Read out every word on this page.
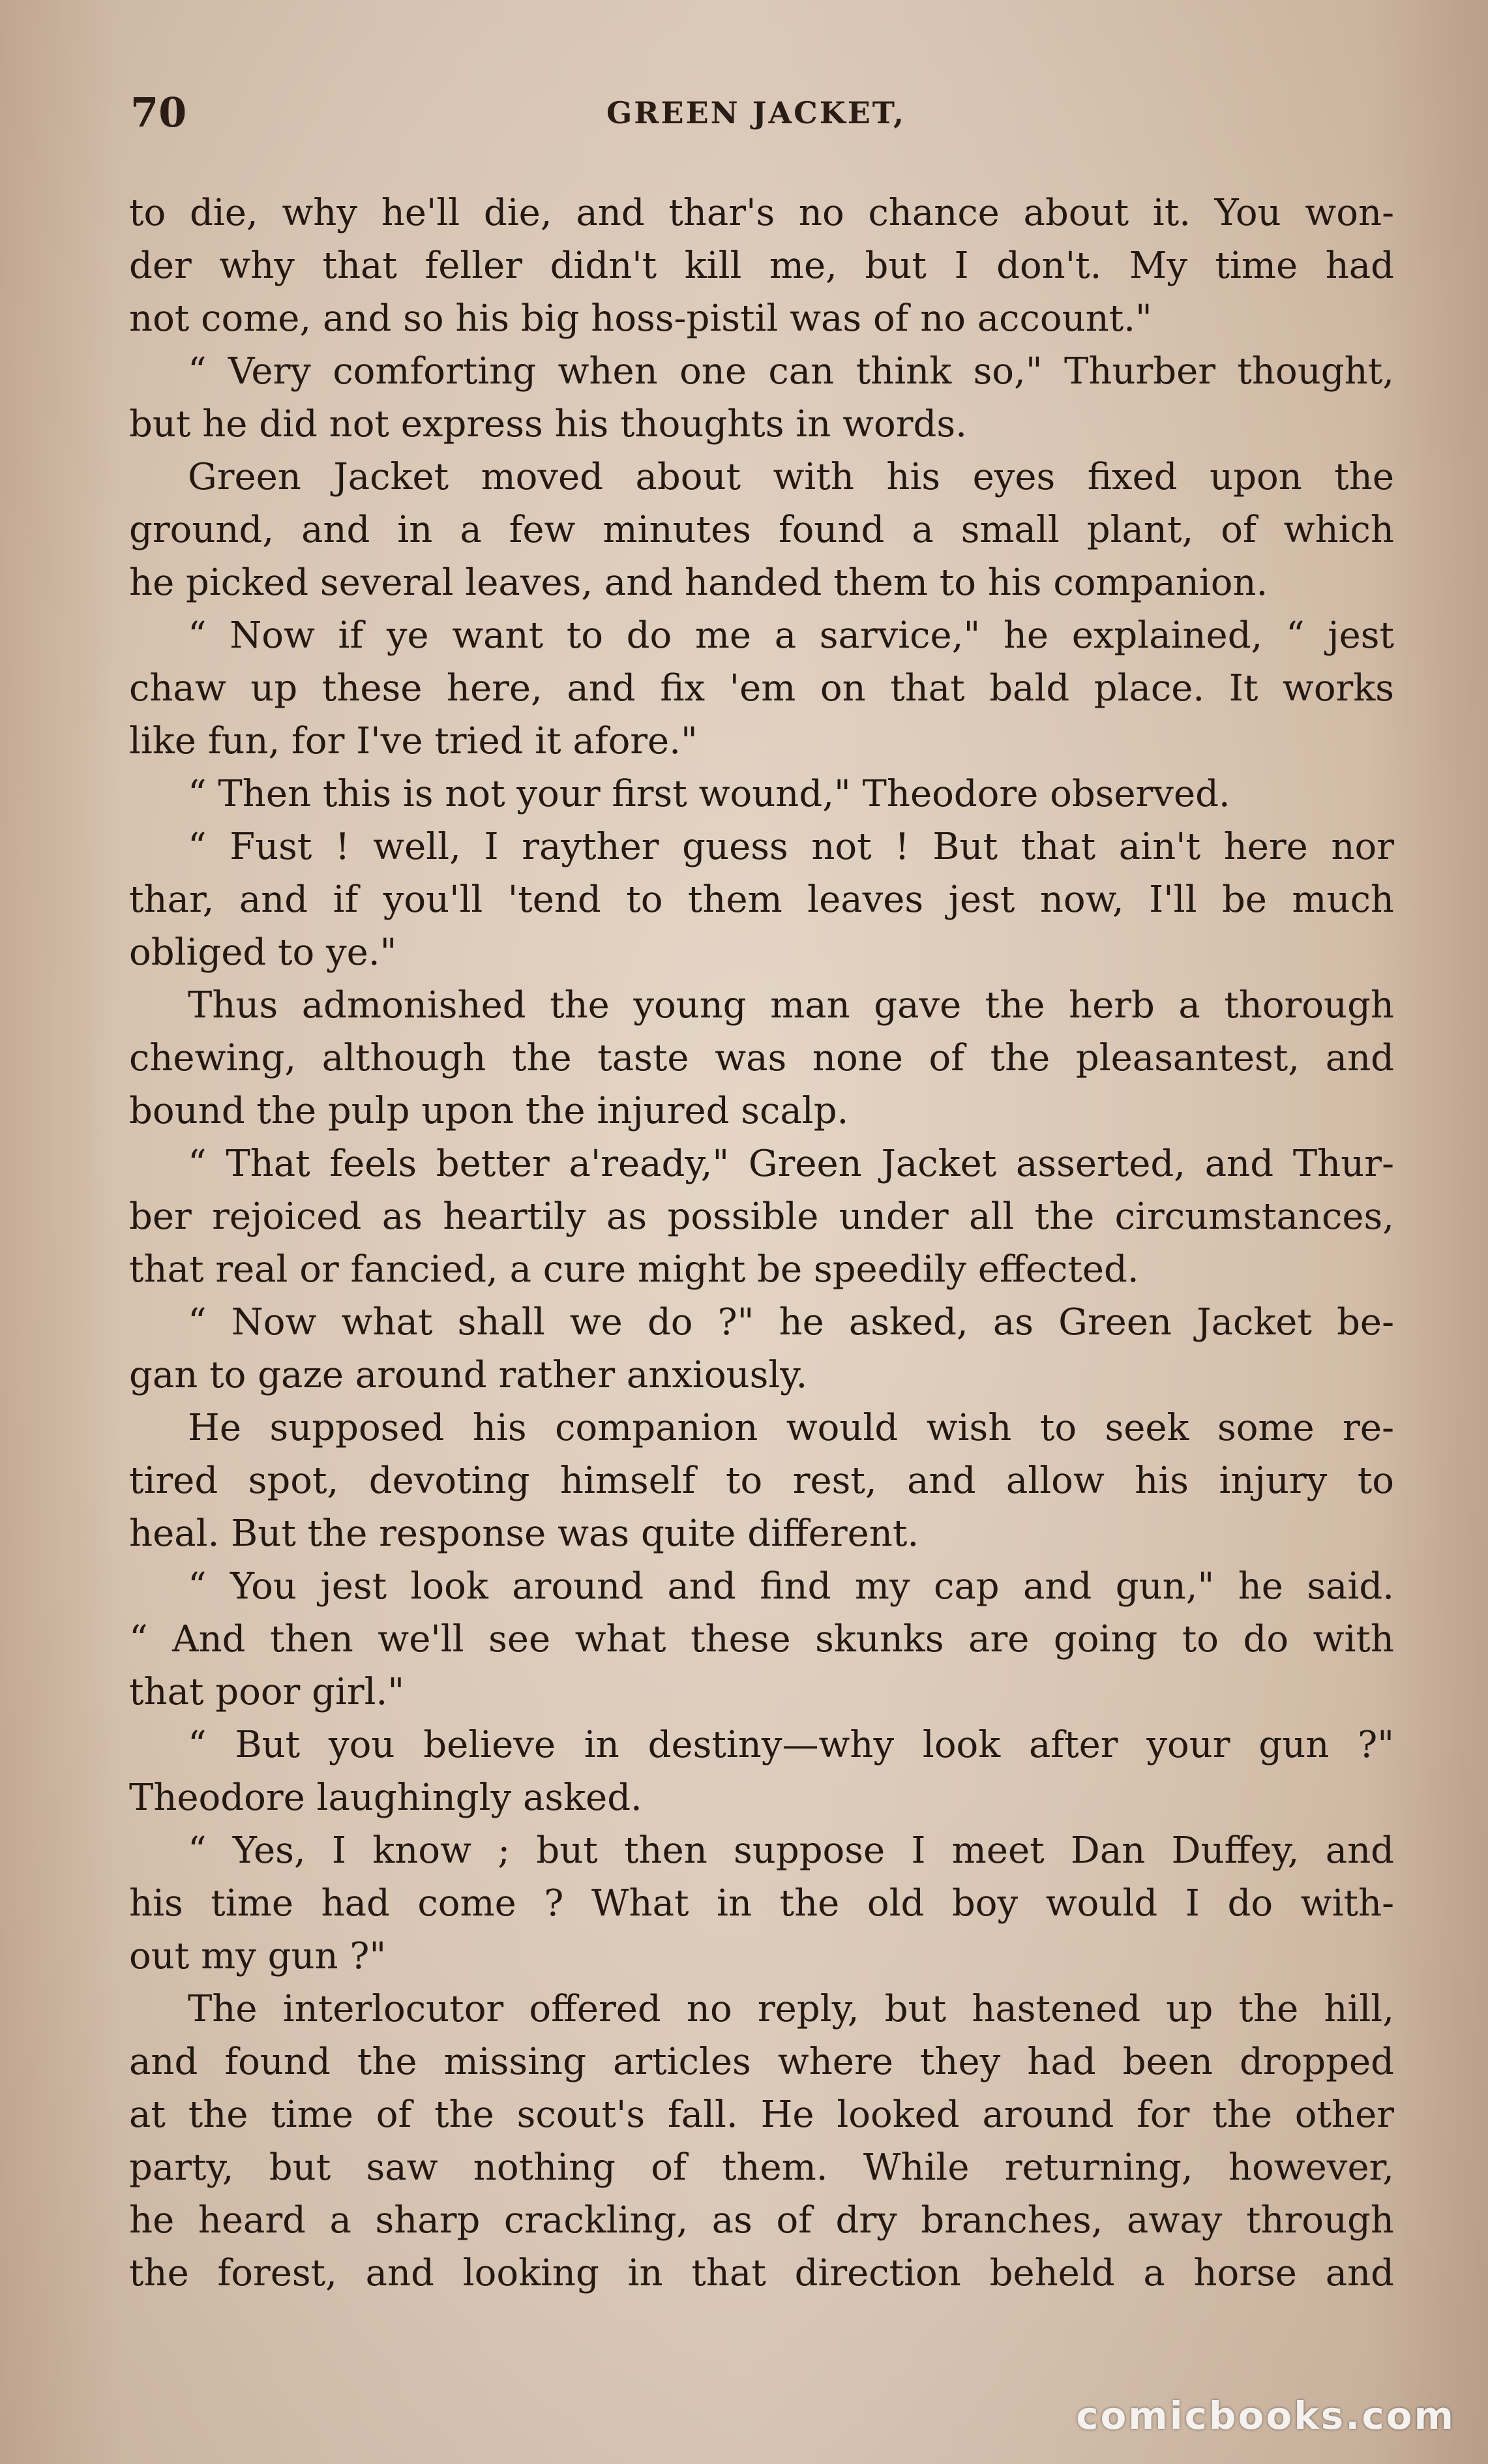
70	GREEN JACKET,
to die, why he'll die, and thar's no chance about it. You won-
der why that feller didn't kill me, but I don't. My time had
not come, and so his big hoss-pistil was of no account."
“ Very comforting when one can think so," Thurber thought,
but he did not express his thoughts in words.
Green Jacket moved about with his eyes fixed upon the
ground, and in a few minutes found a small plant, of which
he picked several leaves, and handed them to his companion.
“ Now if ye want to do me a sarvice," he explained, “ jest
chaw up these here, and fix 'em on that bald place. It works
like fun, for I've tried it afore."
“ Then this is not your first wound," Theodore observed.
“ Fust ! well, I rayther guess not ! But that ain't here nor
thar, and if you'll 'tend to them leaves jest now, I'll be much
obliged to ye."
Thus admonished the young man gave the herb a thorough
chewing, although the taste was none of the pleasantest, and
bound the pulp upon the injured scalp.
“ That feels better a'ready," Green Jacket asserted, and Thur-
ber rejoiced as heartily as possible under all the circumstances,
that real or fancied, a cure might be speedily effected.
“ Now what shall we do ?" he asked, as Green Jacket be-
gan to gaze around rather anxiously.
He supposed his companion would wish to seek some re-
tired spot, devoting himself to rest, and allow his injury to
heal. But the response was quite different.
“ You jest look around and find my cap and gun," he said.
“ And then we'll see what these skunks are going to do with
that poor girl."
“ But you believe in destiny—why look after your gun ?"
Theodore laughingly asked.
“ Yes, I know ; but then suppose I meet Dan Duffey, and
his time had come ? What in the old boy would I do with-
out my gun ?"
The interlocutor offered no reply, but hastened up the hill,
and found the missing articles where they had been dropped
at the time of the scout's fall. He looked around for the other
party, but saw nothing of them. While returning, however,
he heard a sharp crackling, as of dry branches, away through
the forest, and looking in that direction beheld a horse and
comicbooks.com
